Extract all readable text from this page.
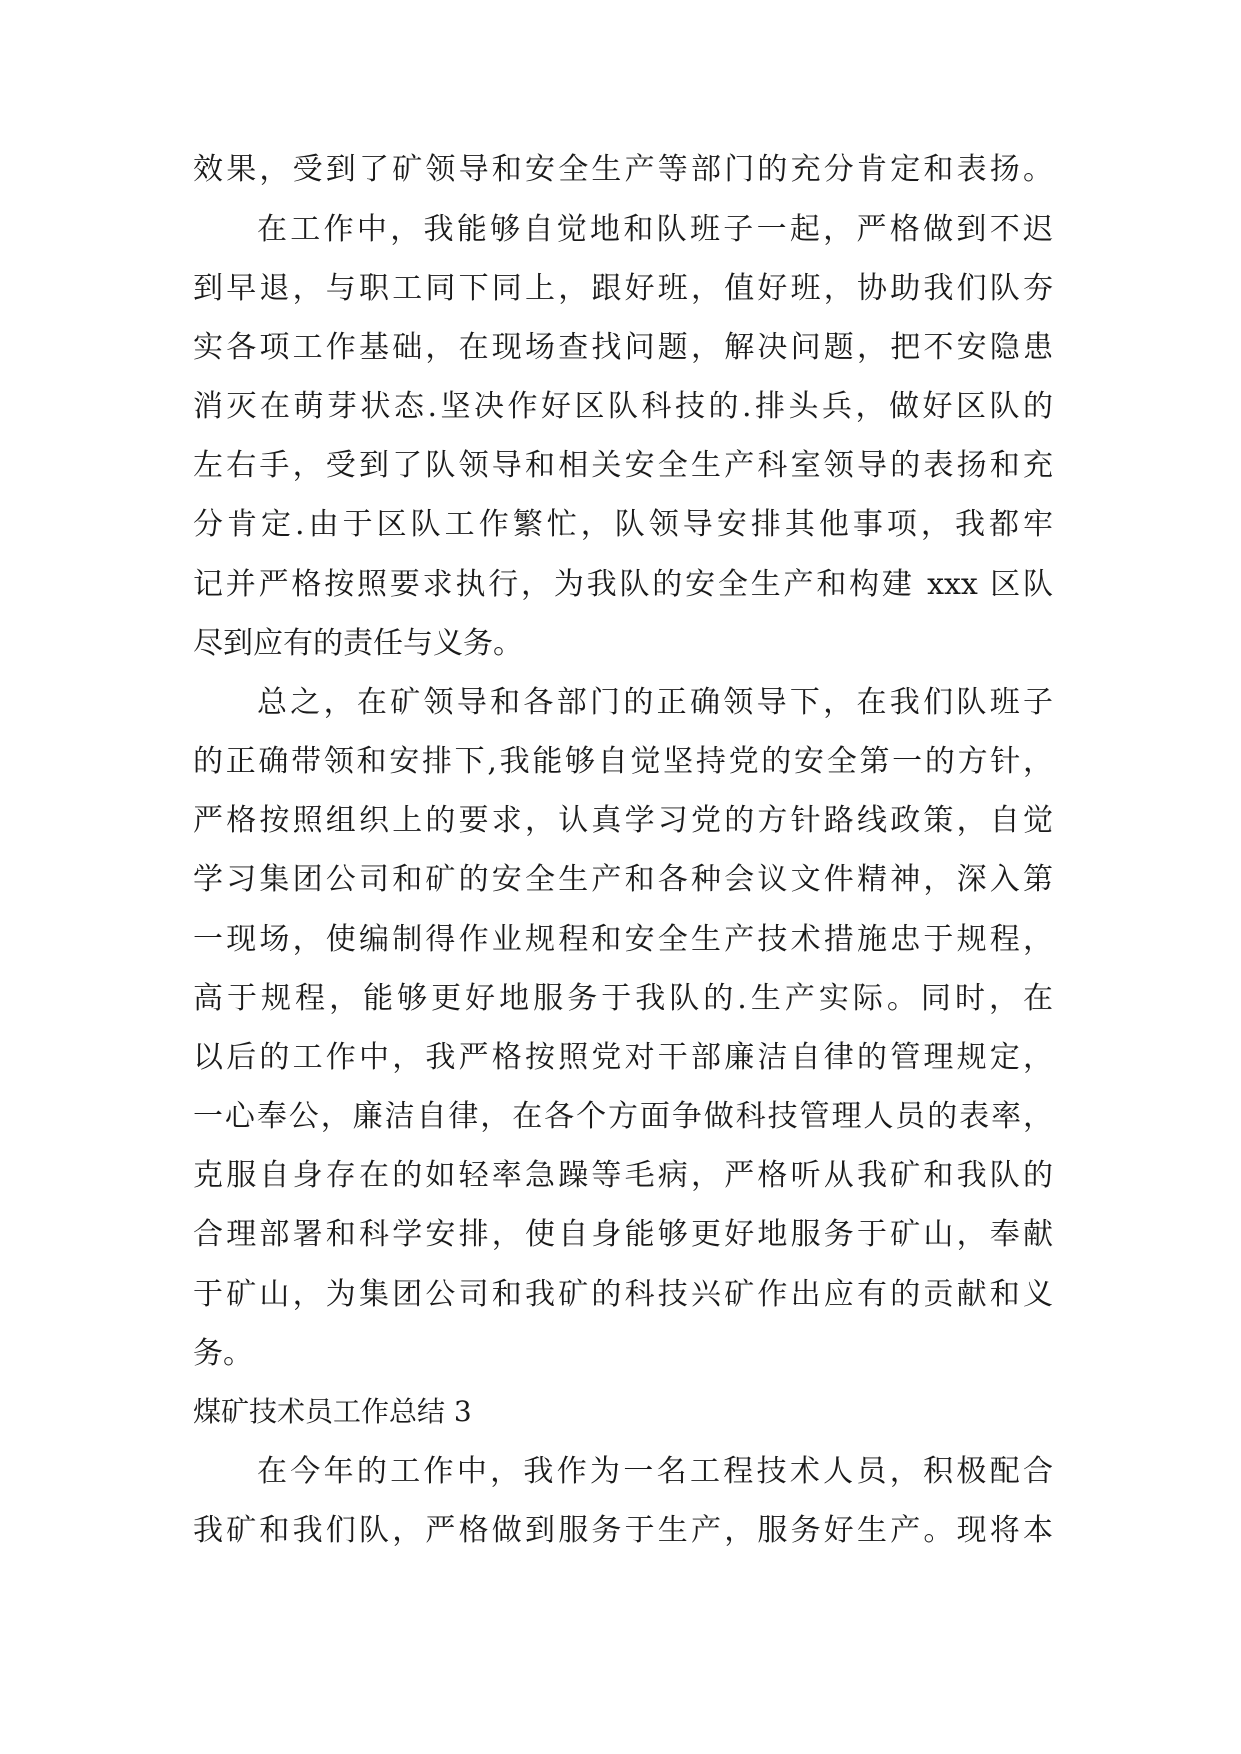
效果，受到了矿领导和安全生产等部门的充分肯定和表扬。

在工作中，我能够自觉地和队班子一起，严格做到不迟

到早退，与职工同下同上，跟好班，值好班，协助我们队夯

实各项工作基础，在现场查找问题，解决问题，把不安隐患

消灭在萌芽状态.坚决作好区队科技的.排头兵，做好区队的

左右手，受到了队领导和相关安全生产科室领导的表扬和充

分肯定.由于区队工作繁忙，队领导安排其他事项，我都牢

记并严格按照要求执行，为我队的安全生产和构建 xxx 区队

尽到应有的责任与义务。

总之，在矿领导和各部门的正确领导下，在我们队班子

的正确带领和安排下,我能够自觉坚持党的安全第一的方针，

严格按照组织上的要求，认真学习党的方针路线政策，自觉

学习集团公司和矿的安全生产和各种会议文件精神，深入第

一现场，使编制得作业规程和安全生产技术措施忠于规程，

高于规程，能够更好地服务于我队的.生产实际。同时，在

以后的工作中，我严格按照党对干部廉洁自律的管理规定，

一心奉公，廉洁自律，在各个方面争做科技管理人员的表率，

克服自身存在的如轻率急躁等毛病，严格听从我矿和我队的

合理部署和科学安排，使自身能够更好地服务于矿山，奉献

于矿山，为集团公司和我矿的科技兴矿作出应有的贡献和义

务。

煤矿技术员工作总结 3

在今年的工作中，我作为一名工程技术人员，积极配合

我矿和我们队，严格做到服务于生产，服务好生产。现将本
